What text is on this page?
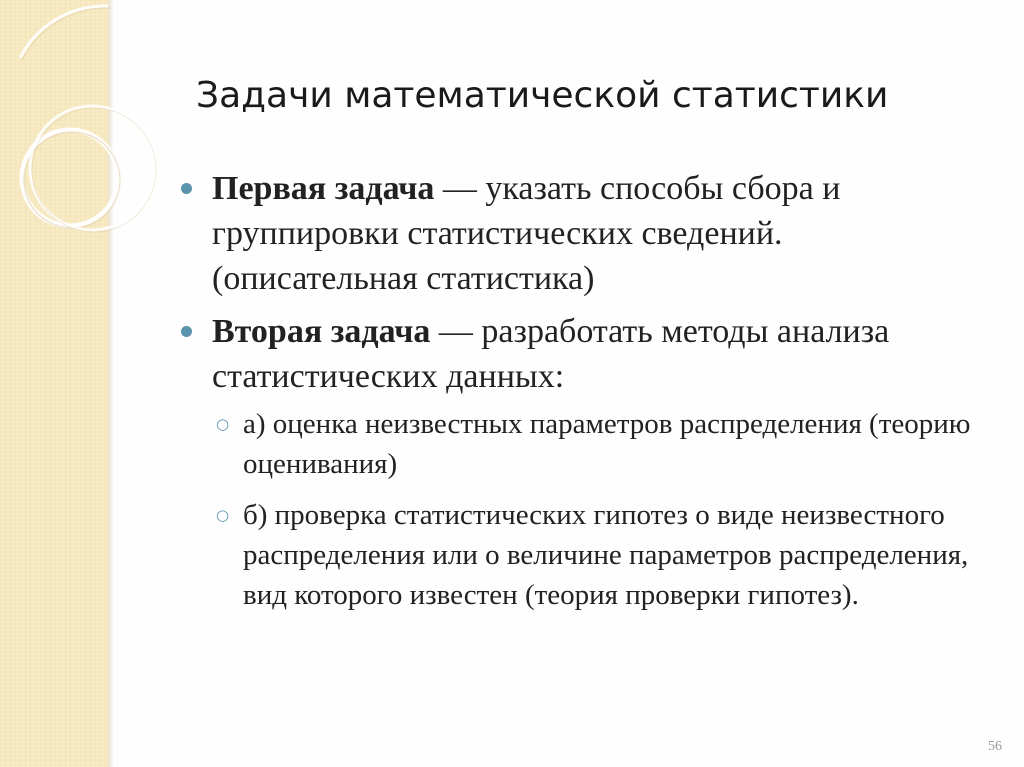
Задачи математической статистики
Первая задача — указать способы сбора и группировки статистических сведений. (описательная статистика)
Вторая задача — разработать методы анализа статистических данных:
○ а) оценка неизвестных параметров распределения (теорию оценивания)
○ б) проверка статистических гипотез о виде неизвестного распределения или о величине параметров распределения, вид которого известен (теория проверки гипотез).
56
